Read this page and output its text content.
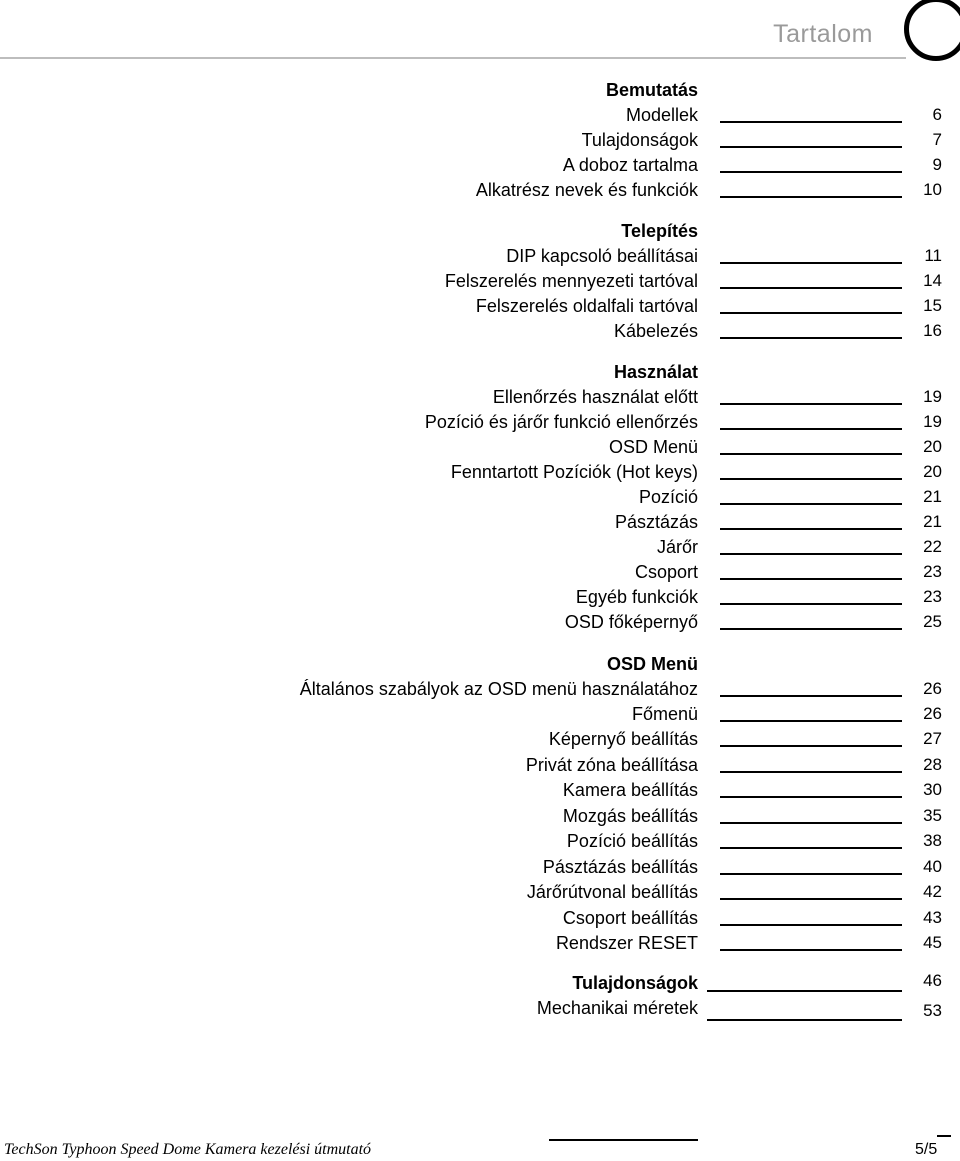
Tartalom
Bemutatás
Modellek	6
Tulajdonságok	7
A doboz tartalma	9
Alkatrész nevek és funkciók	10
Telepítés
DIP kapcsoló beállításai	11
Felszerelés mennyezeti tartóval	14
Felszerelés oldalfali tartóval	15
Kábelezés	16
Használat
Ellenőrzés használat előtt	19
Pozíció és járőr funkció ellenőrzés	19
OSD Menü	20
Fenntartott Pozíciók (Hot keys)	20
Pozíció	21
Pásztázás	21
Járőr	22
Csoport	23
Egyéb funkciók	23
OSD főképernyő	25
OSD Menü
Általános szabályok az OSD menü használatához	26
Főmenü	26
Képernyő beállítás	27
Privát zóna beállítása	28
Kamera beállítás	30
Mozgás beállítás	35
Pozíció beállítás	38
Pásztázás beállítás	40
Járőrútvonal beállítás	42
Csoport beállítás	43
Rendszer RESET	45
Tulajdonságok	46
Mechanikai méretek	53
TechSon Typhoon Speed Dome Kamera kezelési útmutató	5/5
